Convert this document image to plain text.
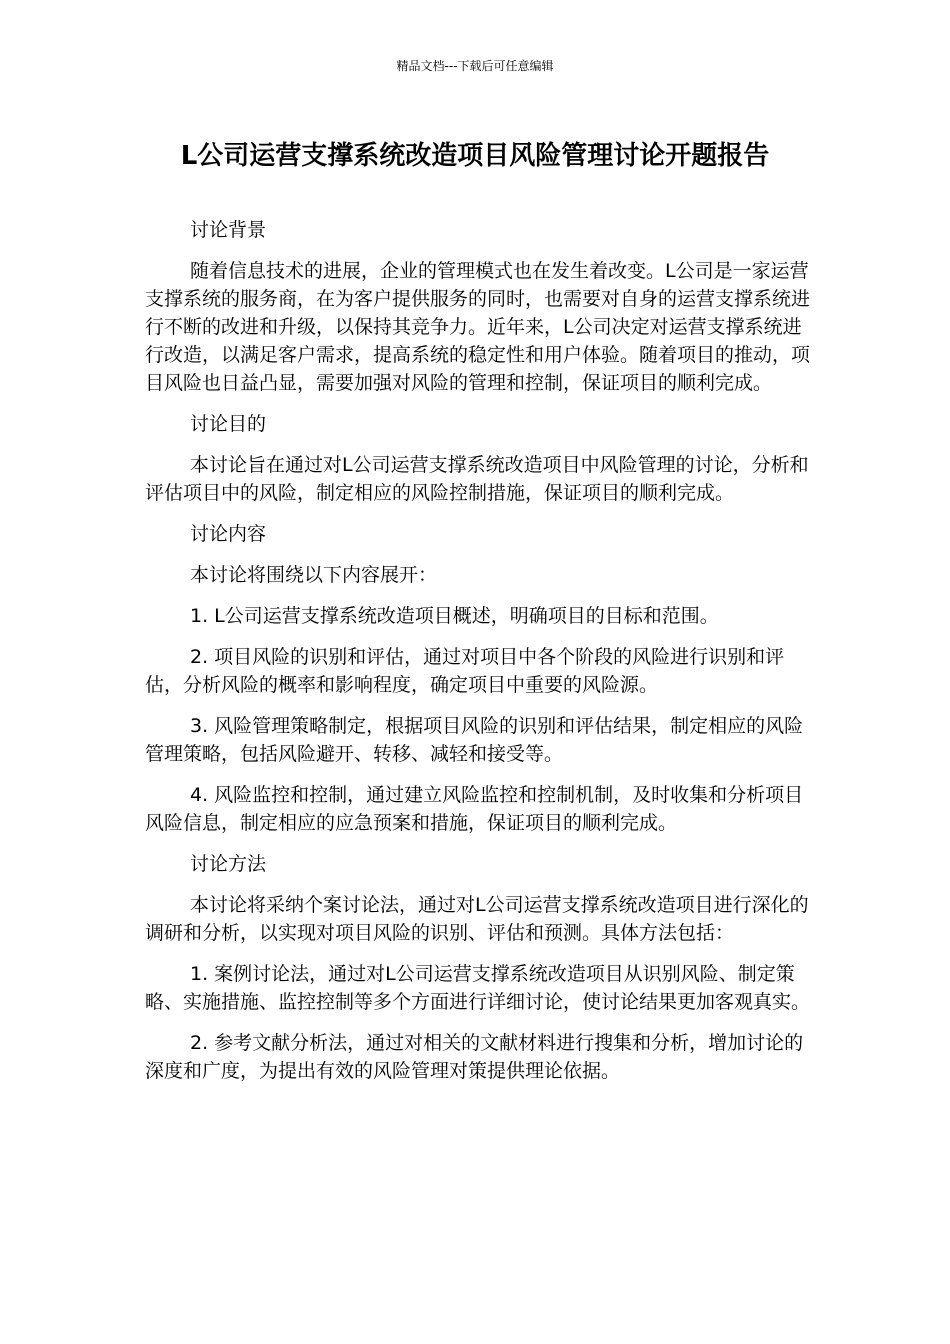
精品文档---下载后可任意编辑
L公司运营支撑系统改造项目风险管理讨论开题报告

讨论背景

随着信息技术的进展，企业的管理模式也在发生着改变。L公司是一家运营支撑系统的服务商，在为客户提供服务的同时，也需要对自身的运营支撑系统进行不断的改进和升级，以保持其竞争力。近年来，L公司决定对运营支撑系统进行改造，以满足客户需求，提高系统的稳定性和用户体验。随着项目的推动，项目风险也日益凸显，需要加强对风险的管理和控制，保证项目的顺利完成。

讨论目的

本讨论旨在通过对L公司运营支撑系统改造项目中风险管理的讨论，分析和评估项目中的风险，制定相应的风险控制措施，保证项目的顺利完成。

讨论内容

本讨论将围绕以下内容展开：

1. L公司运营支撑系统改造项目概述，明确项目的目标和范围。

2. 项目风险的识别和评估，通过对项目中各个阶段的风险进行识别和评估，分析风险的概率和影响程度，确定项目中重要的风险源。

3. 风险管理策略制定，根据项目风险的识别和评估结果，制定相应的风险管理策略，包括风险避开、转移、减轻和接受等。

4. 风险监控和控制，通过建立风险监控和控制机制，及时收集和分析项目风险信息，制定相应的应急预案和措施，保证项目的顺利完成。

讨论方法

本讨论将采纳个案讨论法，通过对L公司运营支撑系统改造项目进行深化的调研和分析，以实现对项目风险的识别、评估和预测。具体方法包括：

1. 案例讨论法，通过对L公司运营支撑系统改造项目从识别风险、制定策略、实施措施、监控控制等多个方面进行详细讨论，使讨论结果更加客观真实。

2. 参考文献分析法，通过对相关的文献材料进行搜集和分析，增加讨论的深度和广度，为提出有效的风险管理对策提供理论依据。
